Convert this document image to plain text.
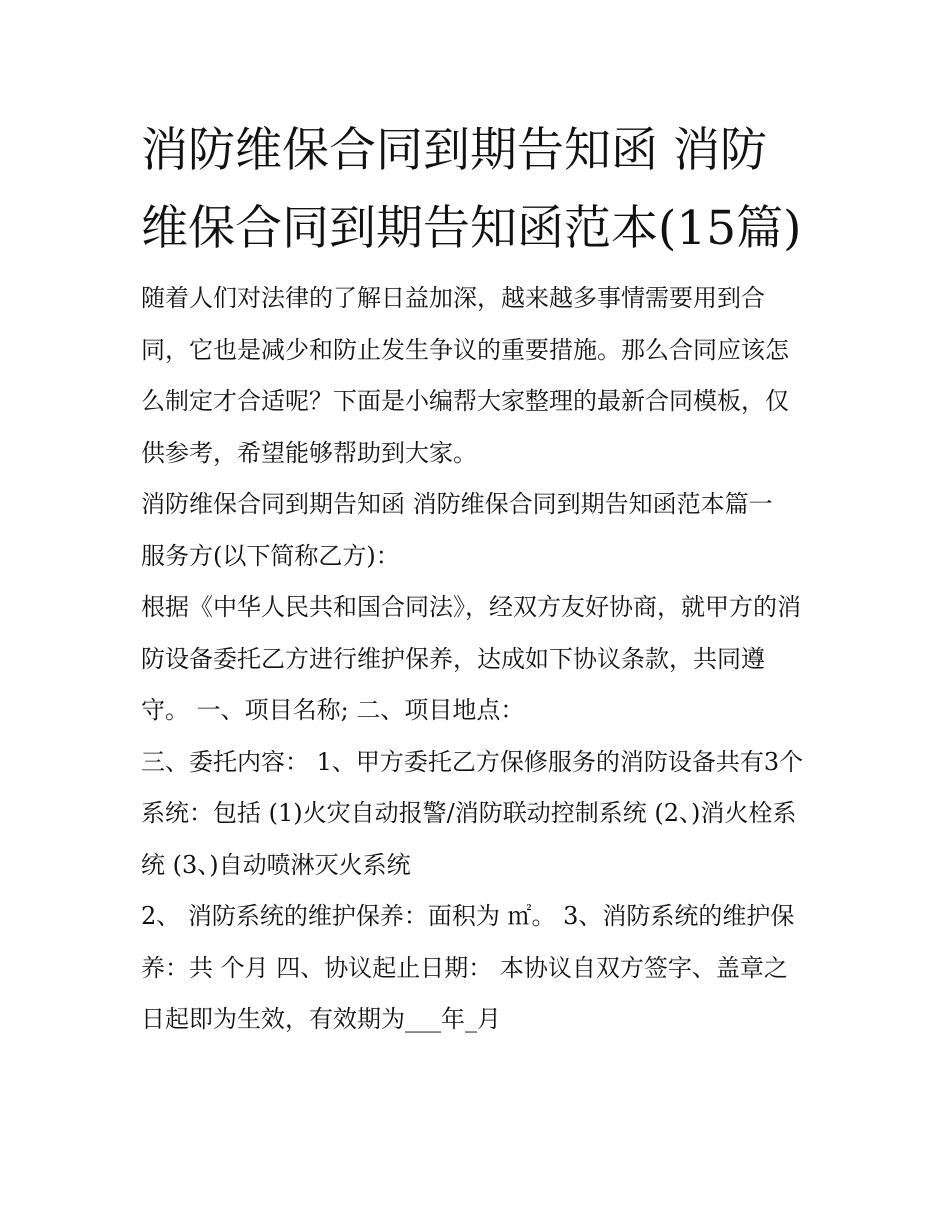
消防维保合同到期告知函 消防维保合同到期告知函范本(15篇)

随着人们对法律的了解日益加深，越来越多事情需要用到合同，它也是减少和防止发生争议的重要措施。那么合同应该怎么制定才合适呢？下面是小编帮大家整理的最新合同模板，仅供参考，希望能够帮助到大家。

消防维保合同到期告知函 消防维保合同到期告知函范本篇一

服务方(以下简称乙方)：

根据《中华人民共和国合同法》，经双方友好协商，就甲方的消防设备委托乙方进行维护保养，达成如下协议条款，共同遵守。 一、项目名称; 二、项目地点：

三、委托内容： 1、甲方委托乙方保修服务的消防设备共有3个系统：包括 (1)火灾自动报警/消防联动控制系统 (2、)消火栓系统 (3、)自动喷淋灭火系统

2、 消防系统的维护保养：面积为 ㎡。 3、消防系统的维护保养：共 个月 四、协议起止日期： 本协议自双方签字、盖章之日起即为生效，有效期为___年_月
